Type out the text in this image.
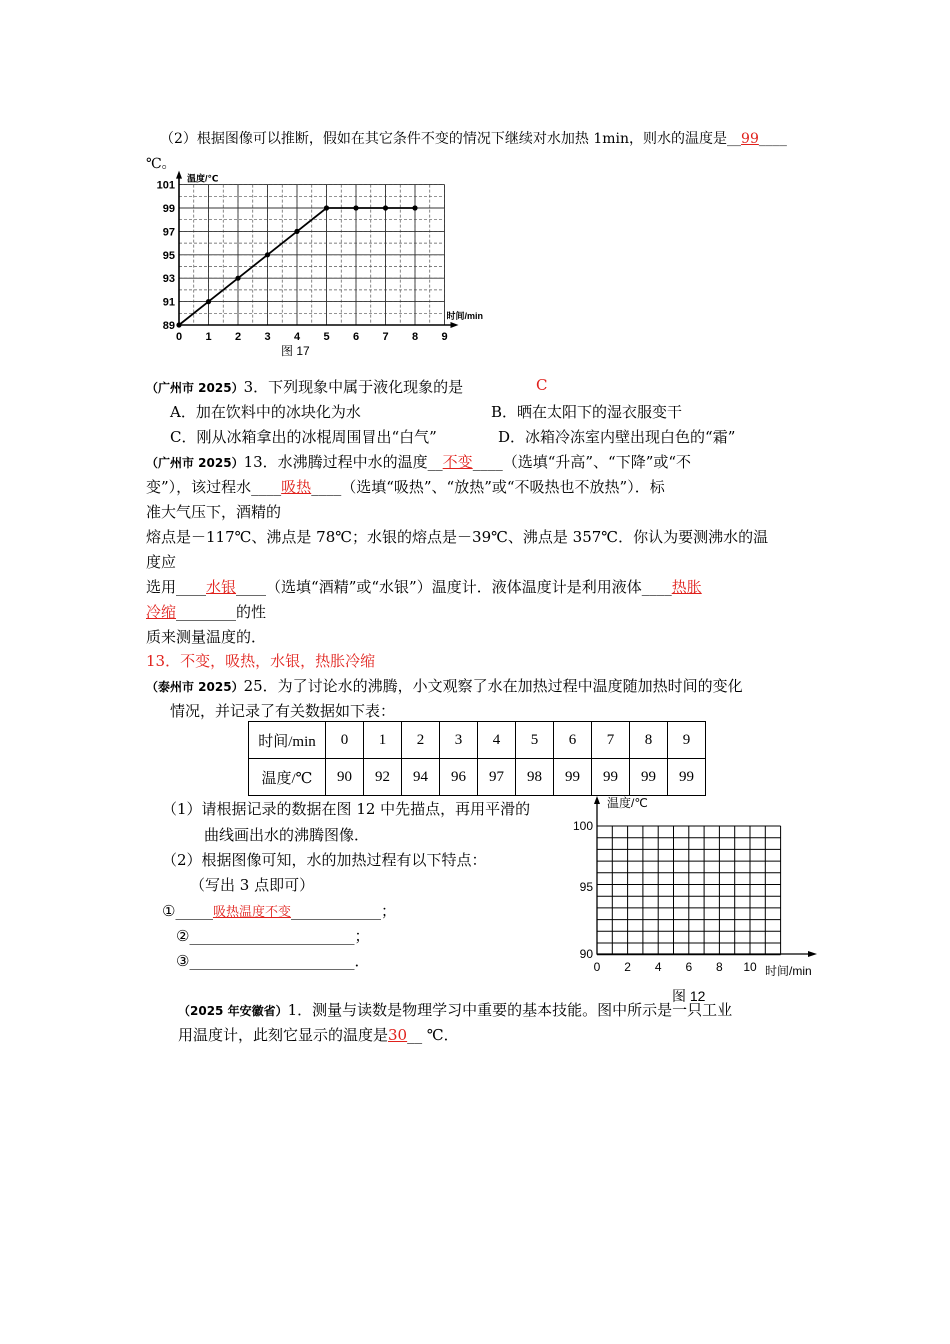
（2）根据图像可以推断，假如在其它条件不变的情况下继续对水加热 1min，则水的温度是__99____
℃。
89
91
93
95
97
99
101
0 1 2 3 4 5 6 7 8 9
温度/℃
时间/min
图 17
（广州市 2025）3．下列现象中属于液化现象的是	C
A．加在饮料中的冰块化为水	B．晒在太阳下的湿衣服变干
C．刚从冰箱拿出的冰棍周围冒出“白气”	D．冰箱冷冻室内壁出现白色的“霜”
（广州市 2025）13．水沸腾过程中水的温度__不变____（选填“升高”、“下降”或“不
变”），该过程水____吸热____（选填“吸热”、“放热”或“不吸热也不放热”）．标
准大气压下，酒精的
熔点是－117℃、沸点是 78℃；水银的熔点是－39℃、沸点是 357℃．你认为要测沸水的温
度应
选用____水银____（选填“酒精”或“水银”）温度计．液体温度计是利用液体____热胀
冷缩________的性
质来测量温度的．
13．不变，吸热，水银，热胀冷缩
（泰州市 2025）25．为了讨论水的沸腾，小文观察了水在加热过程中温度随加热时间的变化
情况，并记录了有关数据如下表：
时间/min	0	1	2	3	4	5	6	7	8	9
温度/℃	90	92	94	96	97	98	99	99	99	99
（1）请根据记录的数据在图 12 中先描点，再用平滑的
曲线画出水的沸腾图像．
（2）根据图像可知，水的加热过程有以下特点：
（写出 3 点即可）
①_____吸热温度不变____________；
②______________________；
③______________________．	90
95
100
0 2 4 6 8 10
温度/℃
时间/min
图 12
（2025 年安徽省）1．测量与读数是物理学习中重要的基本技能。图中所示是一只工业
用温度计，此刻它显示的温度是30__ ℃．
